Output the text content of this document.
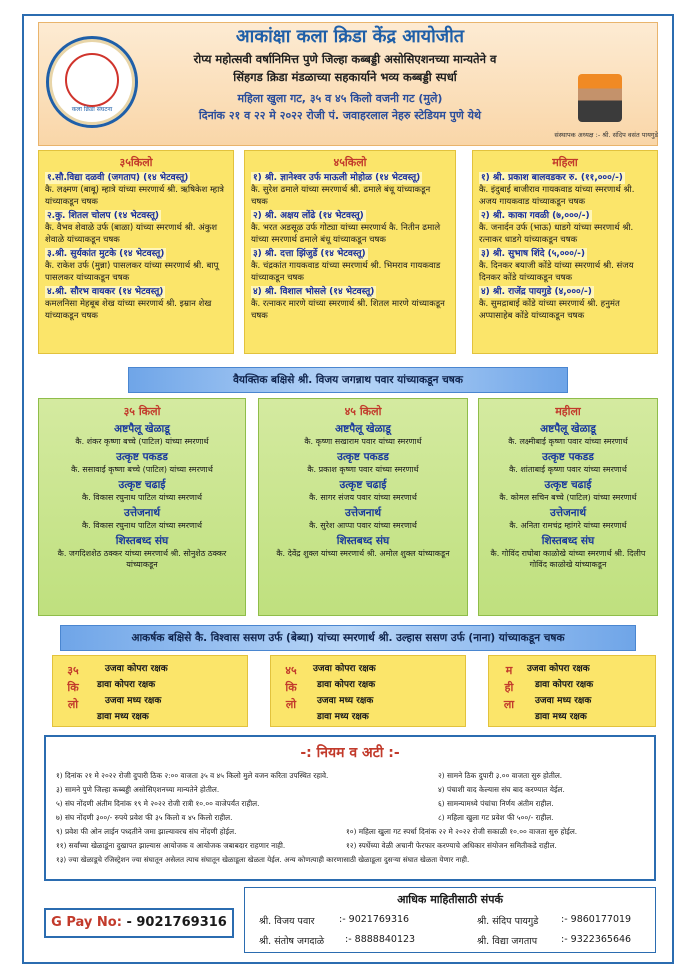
कला क्रिडा संघटना
आकांक्षा कला क्रिडा केंद्र आयोजीत
रोप्य महोत्सवी वर्षानिमित्त पुणे जिल्हा कब्बड्डी असोसिएशनच्या मान्यतेने व
सिंहगड क्रिडा मंडळाच्या सहकार्याने भव्य कब्बड्डी स्पर्धा
महिला खुला गट, ३५ व ४५ किलो वजनी गट (मुले)
दिनांक २१ व २२ मे २०२२ रोजी पं. जवाहरलाल नेहरु स्टेडियम पुणे येथे
संस्थापक अध्यक्ष :- श्री. संदिप वसंत पायगुडे
३५किलो
१.सौ.विद्या दळवी (जगताप) (१४ भेटवस्तू)
कै. लक्ष्मण (बाबू) म्हात्रे यांच्या स्मरणार्थ श्री. ऋषिकेश म्हात्रे यांच्याकडून चषक
२.कु. शितल चोलप (१४ भेटवस्तू)
कै. वैभव शेवाळे उर्फ (बाळा) यांच्या स्मरणार्थ श्री. अंकुश शेवाळे यांच्याकडून चषक
३.श्री. सुर्यकांत मुटके (१४ भेटवस्तू)
कै. राकेश उर्फ (मुन्ना) पासलकर यांच्या स्मरणार्थ श्री. बापू पासलकर यांच्याकडून चषक
४.श्री. सौरभ वायकर (१४ भेटवस्तू)
कमलनिसा मेहबूब शेख यांच्या स्मरणार्थ श्री. इम्रान शेख यांच्याकडून चषक
४५किलो
१) श्री. ज्ञानेश्वर उर्फ माऊली मोहोळ (१४ भेटवस्तू)
कै. सुरेश ढमाले यांच्या स्मरणार्थ श्री. ढमाले बंधू यांच्याकडून चषक
२) श्री. अक्षय लोंढे (१४ भेटवस्तू)
कै. भरत अडसूळ उर्फ गोट्या यांच्या स्मरणार्थ कै. नितीन ढमाले यांच्या स्मरणार्थ ढमाले बंधू यांच्याकडून चषक
३) श्री. दत्ता झिंजुर्डे (१४ भेटवस्तू)
कै. चंद्रकांत गायकवाड यांच्या स्मरणार्थ श्री. भिमराव गायकवाड यांच्याकडून चषक
४) श्री. विशाल भोसले (१४ भेटवस्तू)
कै. रत्नाकर मारणे यांच्या स्मरणार्थ श्री. शितल मारणे यांच्याकडून चषक
महिला
१) श्री. प्रकाश बालवडकर रु. (११,०००/-)
कै. इंदुबाई बाजीराव गायकवाड यांच्या स्मरणार्थ श्री. अजय गायकवाड यांच्याकडून चषक
२) श्री. काका गवळी (७,०००/-)
कै. जनार्दन उर्फ (भाऊ) धाडगे यांच्या स्मरणार्थ श्री. रत्नाकर धाडगे यांच्याकडून चषक
३) श्री. सुभाष शिंदे (५,०००/-)
कै. दिनकर बयाजी कोंडे यांच्या स्मरणार्थ श्री. संजय दिनकर कोंडे यांच्याकडून चषक
४) श्री. राजेंद्र पायगुडे (४,०००/-)
कै. सुमद्राबाई कोंडे यांच्या स्मरणार्थ श्री. हनुमंत अप्पासाहेब कोंडे यांच्याकडून चषक
वैयक्तिक बक्षिसे श्री. विजय जगन्नाथ पवार यांच्याकडून चषक
३५ किलो
अष्टपैलू खेळाडू
कै. शंकर कृष्णा बच्चे (पाटिल) यांच्या स्मरणार्थ
उत्कृष्ट पकडड
कै. ससावाई कृष्णा बच्चे (पाटिल) यांच्या स्मरणार्थ
उत्कृष्ट चढाई
कै. विकास रघुनाथ पाटिल यांच्या स्मरणार्थ
उत्तेजनार्थ
कै. विकास रघुनाथ पाटिल यांच्या स्मरणार्थ
शिस्तबध्द संघ
कै. जगदिशशेठ ठक्कर यांच्या स्मरणार्थ श्री. सोनुशेठ ठक्कर यांच्याकडून
४५ किलो
अष्टपैलू खेळाडू
कै. कृष्णा सखाराम पवार यांच्या स्मरणार्थ
उत्कृष्ट पकडड
कै. प्रकाश कृष्णा पवार यांच्या स्मरणार्थ
उत्कृष्ट चढाई
कै. सागर संजय पवार यांच्या स्मरणार्थ
उत्तेजनार्थ
कै. सुरेश आप्पा पवार यांच्या स्मरणार्थ
शिस्तबध्द संघ
कै. देवेंद्र शुक्ल यांच्या स्मरणार्थ श्री. अमोल शुक्ल यांच्याकडून
महीला
अष्टपैलू खेळाडू
कै. लक्ष्मीबाई कृष्णा पवार यांच्या स्मरणार्थ
उत्कृष्ट पकडड
कै. शांताबाई कृष्णा पवार यांच्या स्मरणार्थ
उत्कृष्ट चढाई
कै. कोमल सचिन बच्चे (पाटिल) यांच्या स्मरणार्थ
उत्तेजनार्थ
कै. अनिता रामचंद्र म्हांगरे यांच्या स्मरणार्थ
शिस्तबध्द संघ
कै. गोविंद राघोबा काळोखे यांच्या स्मरणार्थ श्री. दिलीप गोविंद काळोखे यांच्याकडून
आकर्षक बक्षिसे कै. विश्वास ससण उर्फ (बेब्या) यांच्या स्मरणार्थ श्री. उल्हास ससण उर्फ (नाना) यांच्याकडून चषक
३५
कि
लो
उजवा कोपरा रक्षक
डावा कोपरा रक्षक
उजवा मध्य रक्षक
डावा मध्य रक्षक
४५
कि
लो
उजवा कोपरा रक्षक
डावा कोपरा रक्षक
उजवा मध्य रक्षक
डावा मध्य रक्षक
म
ही
ला
उजवा कोपरा रक्षक
डावा कोपरा रक्षक
उजवा मध्य रक्षक
डावा मध्य रक्षक
-: नियम व अटी :-
१) दिनांक २१ मे २०२२ रोजी दुपारी ठिक २:०० वाजता ३५ व ४५ किलो मुले वजन करिता उपस्थित रहावे.
३) सामने पुणे जिल्हा कब्बड्डी असोसिएशनच्या मान्यतेने होतील.
५) संघ नोंदणी अंतीम दिनांक १९ मे २०२२ रोजी रात्री १०.०० वाजेपर्यंत राहील.
७) संघ नोंदणी ३००/- रुपये प्रवेश फी ३५ किलो व ४५ किलो राहील.
९) प्रवेश फी ओन लाईन पध्दतीने जमा झाल्यावरच संघ नोंदणी होईल.
११) सर्वांच्या खेळाडूंना दुखापत झाल्यास आयोजक व आयोजक जबाबदार राहणार नाही.
१३) ज्या खेळाडूचे रजिस्ट्रेशन ज्या संघातून असेलत त्याच संघातून खेळाडूला खेळता येईल. अन्य कोणत्याही कारणासाठी खेळाडूला दुसऱ्या संघात खेळता येणार नाही.
२) सामने ठिक दुपारी ३.०० वाजता सुरु होतील.
४) पंचाशी वाद केल्यास संघ बाद करण्यात येईल.
६) सामन्यामध्ये पंचांचा निर्णय अंतीम राहील.
८) महिला खुला गट प्रवेश फी ५००/- राहील.
१०) महिला खुला गट स्पर्धा दिनांक २२ मे २०२२ रोजी सकाळी १०.०० वाजता सुरु होईल.
१२) स्पर्धेच्या वेळी अचानी फेरफार करण्याचे अधिकार संयोजन समितीकडे राहील.
G Pay No: - 9021769316
आधिक माहितीसाठी संपर्क
श्री. विजय पवार	:- 9021769316	श्री. संदिप पायगुडे :- 9860177019
श्री. संतोष जगदाळे :- 8888840123	श्री. विद्या जगताप	:- 9322365646
